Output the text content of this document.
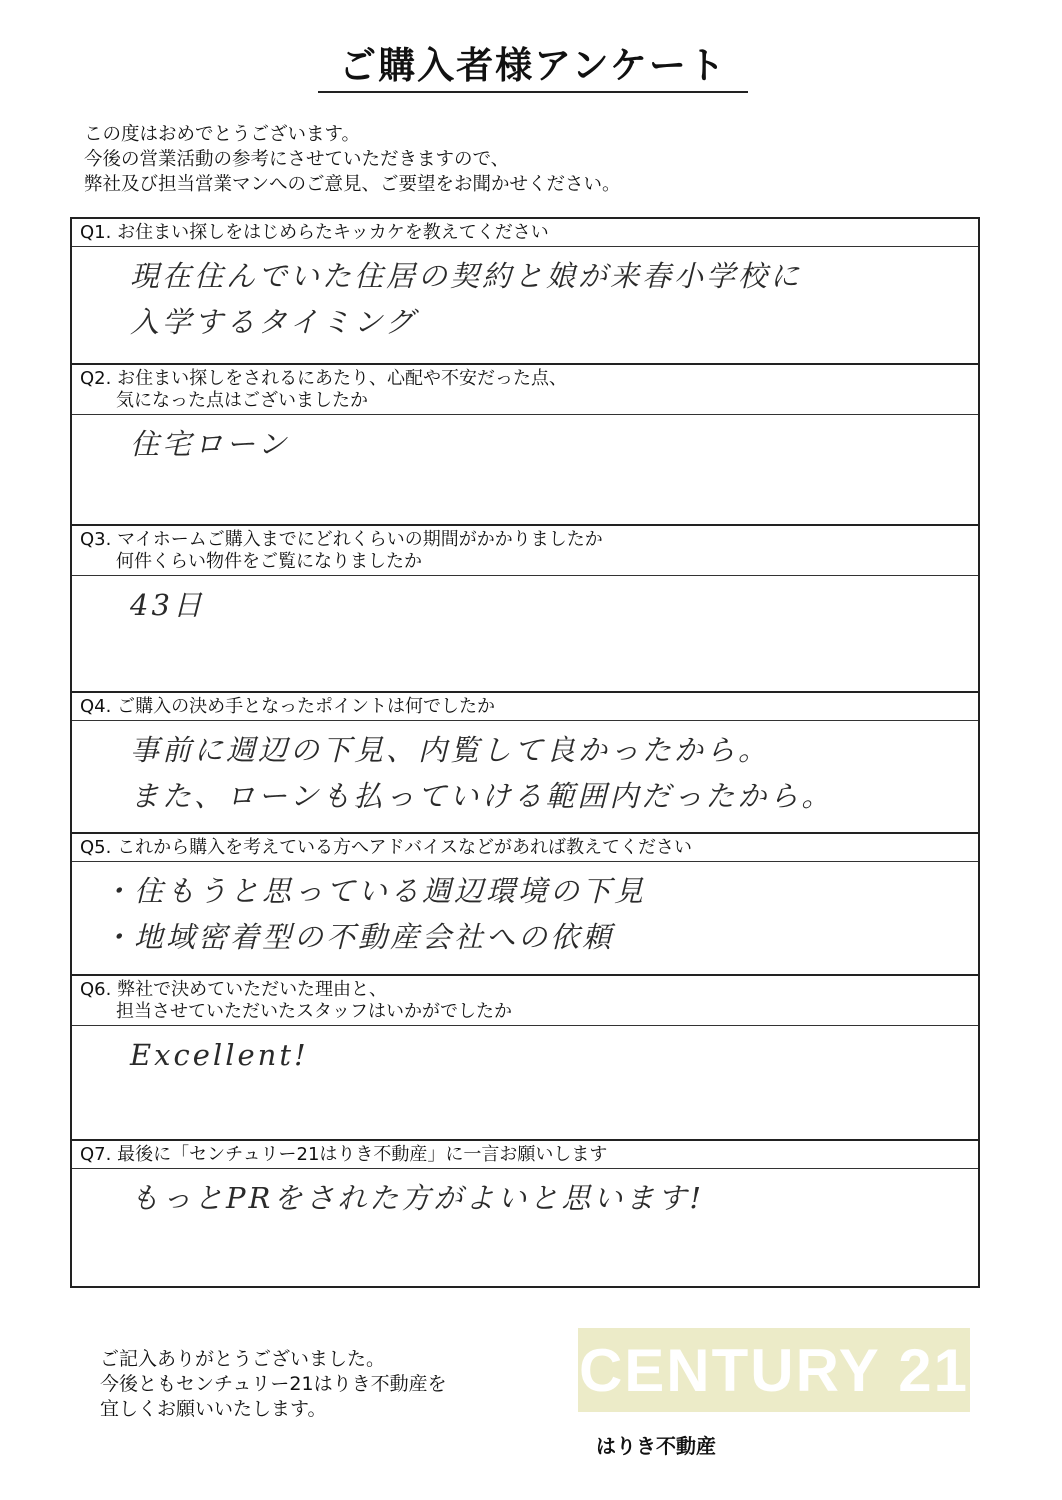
ご購入者様アンケート
この度はおめでとうございます。
今後の営業活動の参考にさせていただきますので、
弊社及び担当営業マンへのご意見、ご要望をお聞かせください。
Q1. お住まい探しをはじめらたキッカケを教えてください
現在住んでいた住居の契約と娘が来春小学校に
入学するタイミング
Q2. お住まい探しをされるにあたり、心配や不安だった点、
　　気になった点はございましたか
住宅ローン
Q3. マイホームご購入までにどれくらいの期間がかかりましたか
　　何件くらい物件をご覧になりましたか
43日
Q4. ご購入の決め手となったポイントは何でしたか
事前に週辺の下見、内覧して良かったから。
また、ローンも払っていける範囲内だったから。
Q5. これから購入を考えている方へアドバイスなどがあれば教えてください
・住もうと思っている週辺環境の下見
・地域密着型の不動産会社への依頼
Q6. 弊社で決めていただいた理由と、
　　担当させていただいたスタッフはいかがでしたか
Excellent!
Q7. 最後に「センチュリー21はりき不動産」に一言お願いします
もっとPRをされた方がよいと思います!
ご記入ありがとうございました。
今後ともセンチュリー21はりき不動産を
宜しくお願いいたします。
CENTURY 21
はりき不動産
